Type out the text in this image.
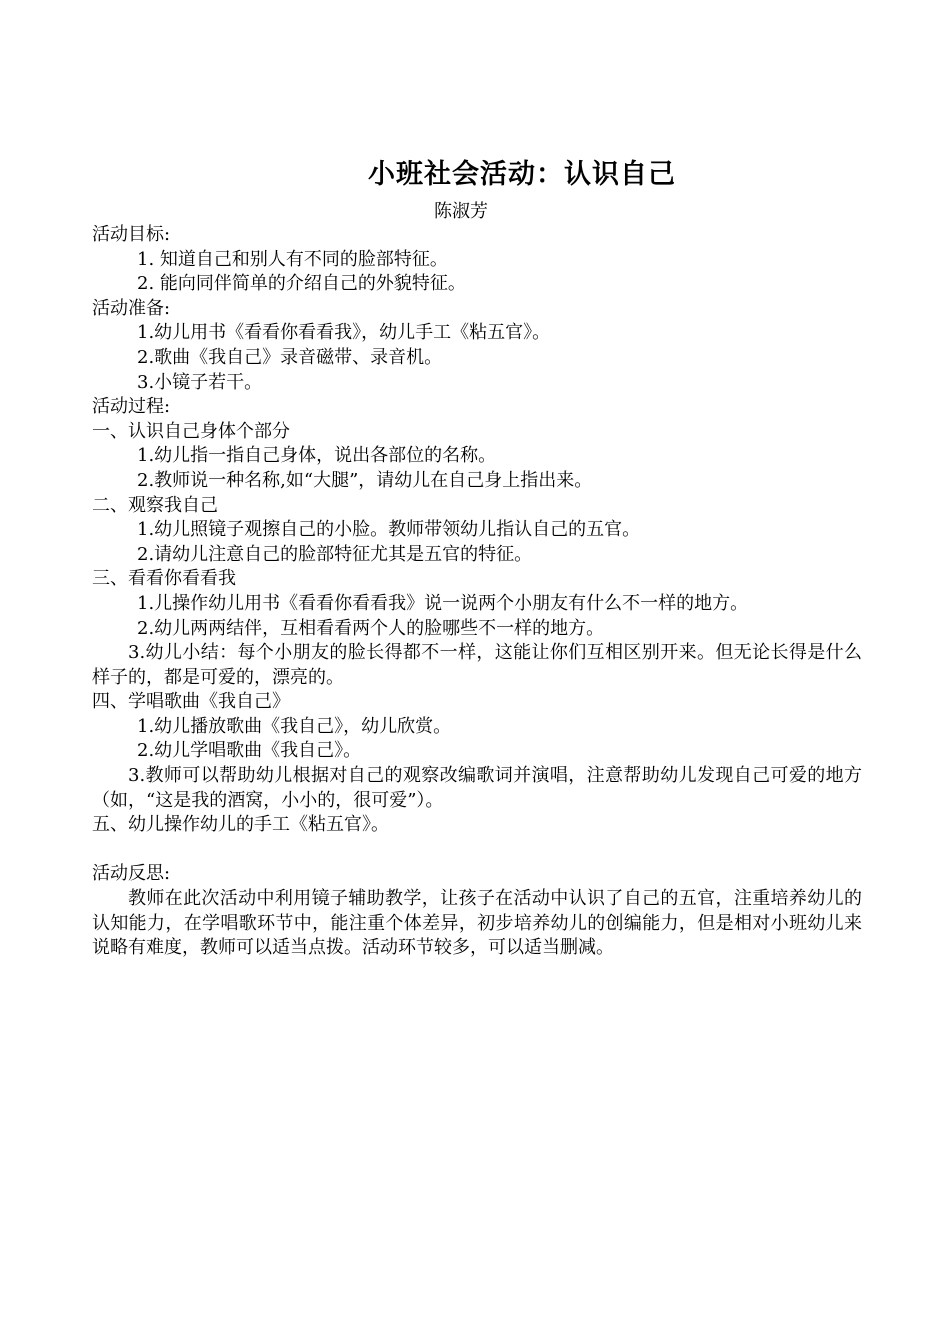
小班社会活动：认识自己
陈淑芳

活动目标:

1. 知道自己和别人有不同的脸部特征。

2. 能向同伴简单的介绍自己的外貌特征。

活动准备:

1.幼儿用书《看看你看看我》，幼儿手工《粘五官》。

2.歌曲《我自己》录音磁带、录音机。

3.小镜子若干。

活动过程:

一、认识自己身体个部分

1.幼儿指一指自己身体，说出各部位的名称。

2.教师说一种名称,如“大腿”，请幼儿在自己身上指出来。

二、观察我自己

1.幼儿照镜子观擦自己的小脸。教师带领幼儿指认自己的五官。

2.请幼儿注意自己的脸部特征尤其是五官的特征。

三、看看你看看我

1.儿操作幼儿用书《看看你看看我》说一说两个小朋友有什么不一样的地方。

2.幼儿两两结伴，互相看看两个人的脸哪些不一样的地方。

3.幼儿小结：每个小朋友的脸长得都不一样，这能让你们互相区别开来。但无论长得是什么样子的，都是可爱的，漂亮的。

四、学唱歌曲《我自己》

1.幼儿播放歌曲《我自己》，幼儿欣赏。

2.幼儿学唱歌曲《我自己》。

3.教师可以帮助幼儿根据对自己的观察改编歌词并演唱，注意帮助幼儿发现自己可爱的地方（如，“这是我的酒窝，小小的，很可爱”）。

五、幼儿操作幼儿的手工《粘五官》。

活动反思:

教师在此次活动中利用镜子辅助教学，让孩子在活动中认识了自己的五官，注重培养幼儿的认知能力，在学唱歌环节中，能注重个体差异，初步培养幼儿的创编能力，但是相对小班幼儿来说略有难度，教师可以适当点拨。活动环节较多，可以适当删减。
